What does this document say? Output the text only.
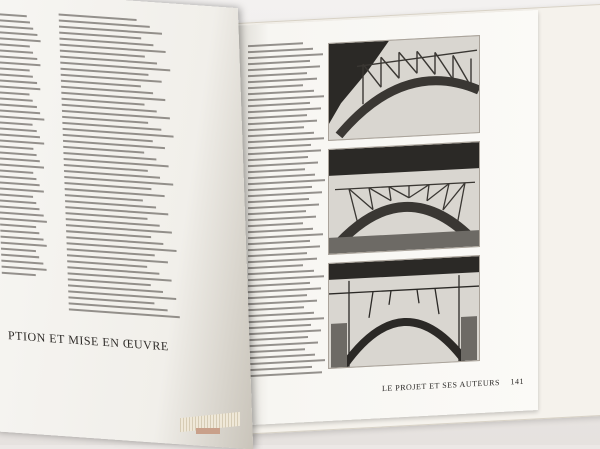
LE PROJET ET SES AUTEURS 141
PTION ET MISE EN ŒUVRE
